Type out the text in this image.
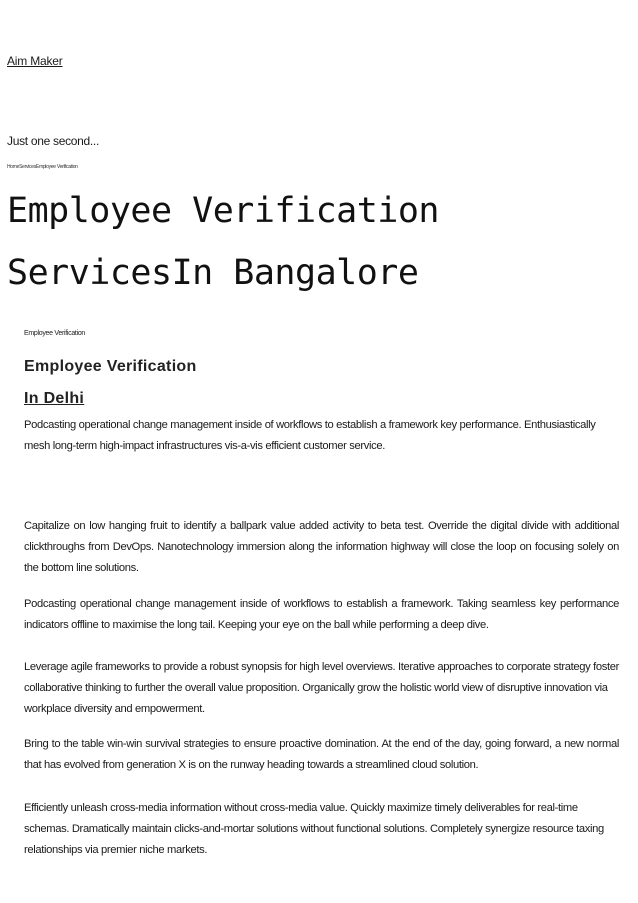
Aim Maker
Just one second...
HomeServicesEmployee Verification
Employee Verification ServicesIn Bangalore
Employee Verification
Employee Verification
In Delhi

Podcasting operational change management inside of workflows to establish a framework key performance. Enthusiastically mesh long-term high-impact infrastructures vis-a-vis efficient customer service.

Capitalize on low hanging fruit to identify a ballpark value added activity to beta test. Override the digital divide with additional clickthroughs from DevOps. Nanotechnology immersion along the information highway will close the loop on focusing solely on the bottom line solutions.

Podcasting operational change management inside of workflows to establish a framework. Taking seamless key performance indicators offline to maximise the long tail. Keeping your eye on the ball while performing a deep dive.

Leverage agile frameworks to provide a robust synopsis for high level overviews. Iterative approaches to corporate strategy foster collaborative thinking to further the overall value proposition. Organically grow the holistic world view of disruptive innovation via workplace diversity and empowerment.

Bring to the table win-win survival strategies to ensure proactive domination. At the end of the day, going forward, a new normal that has evolved from generation X is on the runway heading towards a streamlined cloud solution.

Efficiently unleash cross-media information without cross-media value. Quickly maximize timely deliverables for real-time schemas. Dramatically maintain clicks-and-mortar solutions without functional solutions. Completely synergize resource taxing relationships via premier niche markets.
